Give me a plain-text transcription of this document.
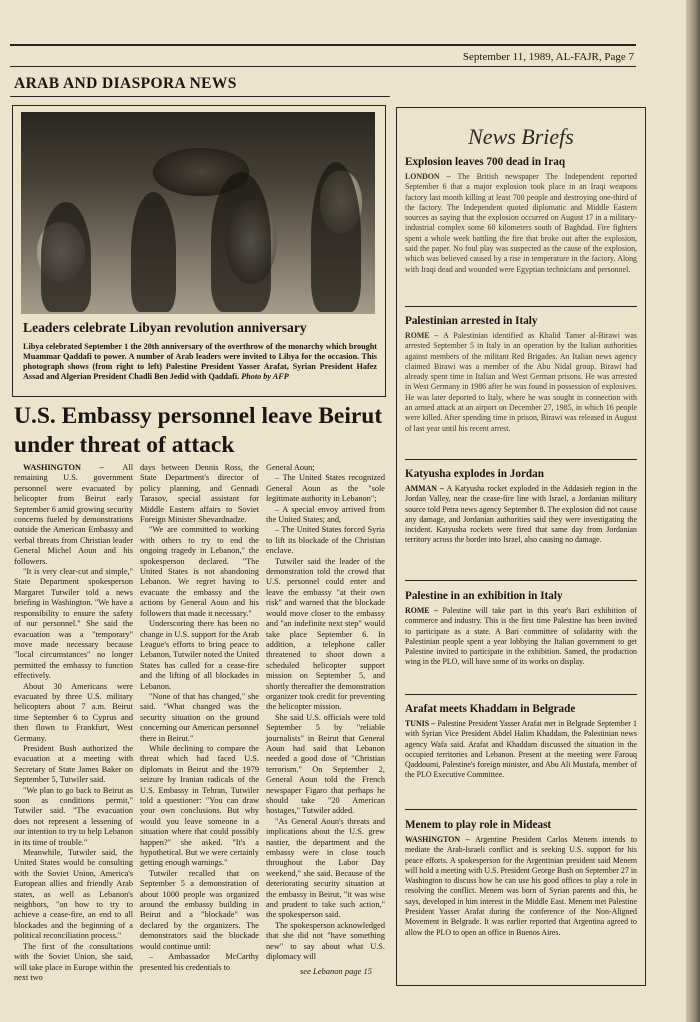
September 11, 1989, AL-FAJR, Page 7
ARAB AND DIASPORA NEWS
Leaders celebrate Libyan revolution anniversary
Libya celebrated September 1 the 20th anniversary of the overthrow of the monarchy which brought Muammar Qaddafi to power. A number of Arab leaders were invited to Libya for the occasion. This photograph shows (from right to left) Palestine President Yasser Arafat, Syrian President Hafez Assad and Algerian President Chadli Ben Jedid with Qaddafi. Photo by AFP
U.S. Embassy personnel leave Beirut under threat of attack

WASHINGTON – All remaining U.S. government personnel were evacuated by helicopter from Beirut early September 6 amid growing security concerns fueled by demonstrations outside the American Embassy and verbal threats from Christian leader General Michel Aoun and his followers.

"It is very clear-cut and simple," State Department spokesperson Margaret Tutwiler told a news briefing in Washington. "We have a responsibility to ensure the safety of our personnel." She said the evacuation was a "temporary" move made necessary because "local circumstances" no longer permitted the embassy to function effectively.

About 30 Americans were evacuated by three U.S. military helicopters about 7 a.m. Beirut time September 6 to Cyprus and then flown to Frankfurt, West Germany.

President Bush authorized the evacuation at a meeting with Secretary of State James Baker on September 5, Tutwiler said.

"We plan to go back to Beirut as soon as conditions permit," Tutwiler said. "The evacuation does not represent a lessening of our intention to try to help Lebanon in its time of trouble."

Meanwhile, Tutwiler said, the United States would be consulting with the Soviet Union, America's European allies and friendly Arab states, as well as Lebanon's neighbors, "on how to try to achieve a cease-fire, an end to all blockades and the beginning of a political reconciliation process."

The first of the consultations with the Soviet Union, she said, will take place in Europe within the next two

days between Dennis Ross, the State Department's director of policy planning, and Gennadi Tarasov, special assistant for Middle Eastern affairs to Soviet Foreign Minister Shevardnadze.

"We are committed to working with others to try to end the ongoing tragedy in Lebanon," the spokesperson declared. "The United States is not abandoning Lebanon. We regret having to evacuate the embassy and the actions by General Aoun and his followers that made it necessary."

Underscoring there has been no change in U.S. support for the Arab League's efforts to bring peace to Lebanon, Tutwiler noted the United States has called for a cease-fire and the lifting of all blockades in Lebanon.

"None of that has changed," she said. "What changed was the security situation on the ground concerning our American personnel there in Beirut."

While declining to compare the threat which had faced U.S. diplomats in Beirut and the 1979 seizure by Iranian radicals of the U.S. Embassy in Tehran, Tutwiler told a questioner: "You can draw your own conclusions. But why would you leave someone in a situation where that could possibly happen?" she asked. "It's a hypothetical. But we were certainly getting enough warnings."

Tutwiler recalled that on September 5 a demonstration of about 1000 people was organized around the embassy building in Beirut and a "blockade" was declared by the organizers. The demonstrators said the blockade would continue until:

– Ambassador McCarthy presented his credentials to

General Aoun;

– The United States recognized General Aoun as the "sole legitimate authority in Lebanon";

– A special envoy arrived from the United States; and,

– The United States forced Syria to lift its blockade of the Christian enclave.

Tutwiler said the leader of the demonstration told the crowd that U.S. personnel could enter and leave the embassy "at their own risk" and warned that the blockade would move closer to the embassy and "an indefinite next step" would take place September 6. In addition, a telephone caller threatened to shoot down a scheduled helicopter support mission on September 5, and shortly thereafter the demonstration organizer took credit for preventing the helicopter mission.

She said U.S. officials were told September 5 by "reliable journalists" in Beirut that General Aoun had said that Lebanon needed a good dose of "Christian terrorism." On September 2, General Aoun told the French newspaper Figaro that perhaps he should take "20 American hostages," Tutwiler added.

"As General Aoun's threats and implications about the U.S. grew nastier, the department and the embassy were in close touch throughout the Labor Day weekend," she said. Because of the deteriorating security situation at the embassy in Beirut, "it was wise and prudent to take such action," the spokesperson said.

The spokesperson acknowledged that she did not "have something new" to say about what U.S. diplomacy will

see Lebanon page 15
News Briefs
Explosion leaves 700 dead in Iraq

LONDON – The British newspaper The Independent reported September 6 that a major explosion took place in an Iraqi weapons factory last month killing at least 700 people and destroying one-third of the factory. The Independent quoted diplomatic and Middle Eastern sources as saying that the explosion occurred on August 17 in a military-industrial complex some 60 kilometers south of Baghdad. Fire fighters spent a whole week battling the fire that broke out after the explosion, said the paper. No foul play was suspected as the cause of the explosion, which was believed caused by a rise in temperature in the factory. Along with Iraqi dead and wounded were Egyptian technicians and personnel.

Palestinian arrested in Italy

ROME – A Palestinian identified as Khalid Tamer al-Birawi was arrested September 5 in Italy in an operation by the Italian authorities against members of the militant Red Brigades. An Italian news agency claimed Birawi was a member of the Abu Nidal group. Birawi had already spent time in Italian and West German prisons. He was arrested in West Germany in 1986 after he was found in possession of explosives. He was later deported to Italy, where he was sought in connection with an armed attack at an airport on December 27, 1985, in which 16 people were killed. After spending time in prison, Birawi was released in August of last year until his recent arrest.

Katyusha explodes in Jordan

AMMAN – A Katyusha rocket exploded in the Addasieh region in the Jordan Valley, near the cease-fire line with Israel, a Jordanian military source told Petra news agency September 8. The explosion did not cause any damage, and Jordanian authorities said they were investigating the incident. Katyusha rockets were fired that same day from Jordanian territory across the border into Israel, also causing no damage.

Palestine in an exhibition in Italy

ROME – Palestine will take part in this year's Bari exhibition of commerce and industry. This is the first time Palestine has been invited to participate as a state. A Bari committee of solidarity with the Palestinian people spent a year lobbying the Italian government to get Palestine invited to participate in the exhibition. Samed, the production wing in the PLO, will have some of its works on display.

Arafat meets Khaddam in Belgrade

TUNIS – Palestine President Yasser Arafat met in Belgrade September 1 with Syrian Vice President Abdel Halim Khaddam, the Palestinian news agency Wafa said. Arafat and Khaddam discussed the situation in the occupied territories and Lebanon. Present at the meeting were Farouq Qaddoumi, Palestine's foreign minister, and Abu Ali Mustafa, member of the PLO Executive Committee.

Menem to play role in Mideast

WASHINGTON – Argentine President Carlos Menem intends to mediate the Arab-Israeli conflict and is seeking U.S. support for his peace efforts. A spokesperson for the Argentinian president said Menem will hold a meeting with U.S. President George Bush on September 27 in Washington to discuss how he can use his good offices to play a role in resolving the conflict. Menem was born of Syrian parents and this, he says, developed in him interest in the Middle East. Menem met Palestine President Yasser Arafat during the conference of the Non-Aligned Movement in Belgrade. It was earlier reported that Argentina agreed to allow the PLO to open an office in Buenos Aires.
